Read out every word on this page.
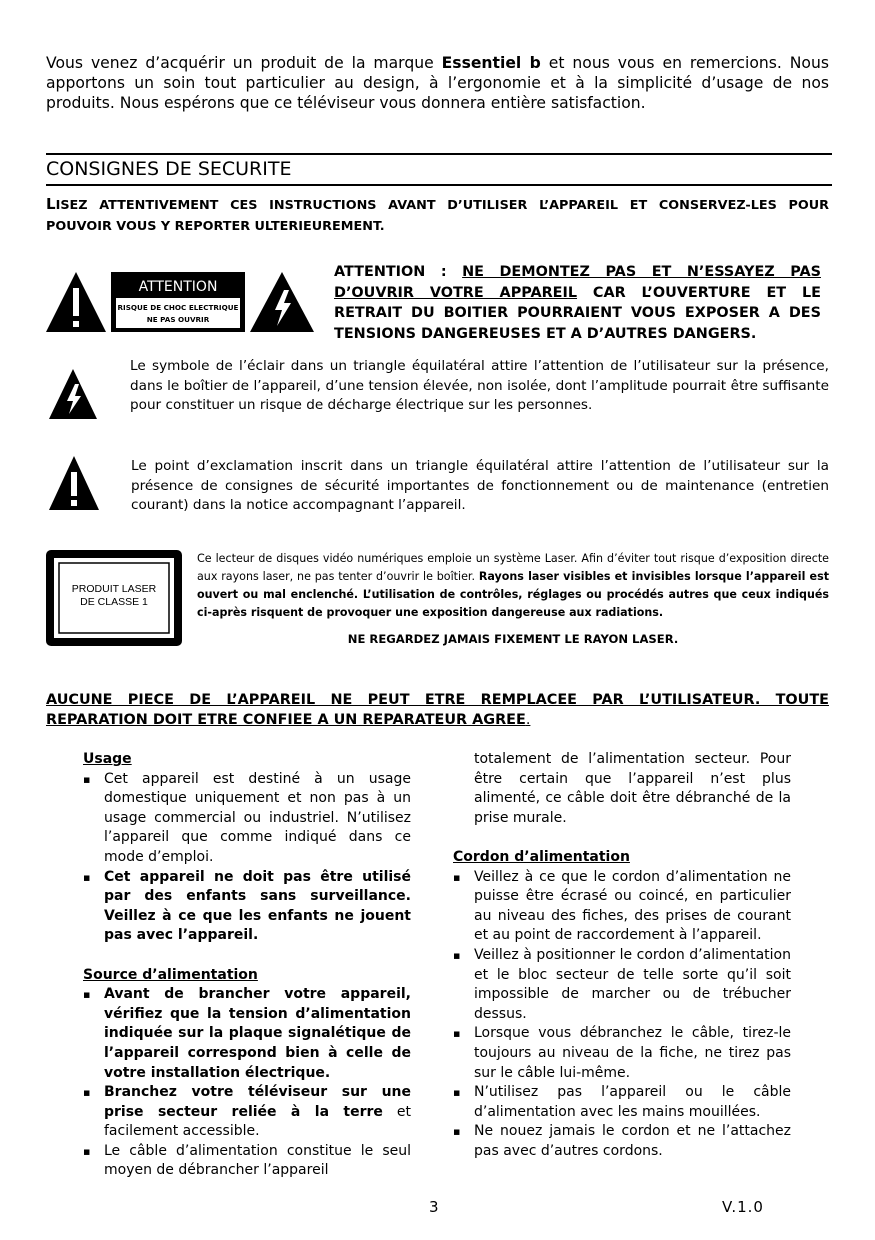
Vous venez d’acquérir un produit de la marque Essentiel b et nous vous en remercions. Nous apportons un soin tout particulier au design, à l’ergonomie et à la simplicité d’usage de nos produits. Nous espérons que ce téléviseur vous donnera entière satisfaction.
CONSIGNES DE SECURITE
LISEZ ATTENTIVEMENT CES INSTRUCTIONS AVANT D’UTILISER L’APPAREIL ET CONSERVEZ-LES POUR POUVOIR VOUS Y REPORTER ULTERIEUREMENT.
ATTENTION
RISQUE DE CHOC ELECTRIQUE
NE PAS OUVRIR
ATTENTION : NE DEMONTEZ PAS ET N’ESSAYEZ PAS D’OUVRIR VOTRE APPAREIL CAR L’OUVERTURE ET LE RETRAIT DU BOITIER POURRAIENT VOUS EXPOSER A DES TENSIONS DANGEREUSES ET A D’AUTRES DANGERS.
Le symbole de l’éclair dans un triangle équilatéral attire l’attention de l’utilisateur sur la présence, dans le boîtier de l’appareil, d’une tension élevée, non isolée, dont l’amplitude pourrait être suffisante pour constituer un risque de décharge électrique sur les personnes.
Le point d’exclamation inscrit dans un triangle équilatéral attire l’attention de l’utilisateur sur la présence de consignes de sécurité importantes de fonctionnement ou de maintenance (entretien courant) dans la notice accompagnant l’appareil.
PRODUIT LASER
DE CLASSE 1
Ce lecteur de disques vidéo numériques emploie un système Laser. Afin d’éviter tout risque d’exposition directe aux rayons laser, ne pas tenter d’ouvrir le boîtier. Rayons laser visibles et invisibles lorsque l’appareil est ouvert ou mal enclenché. L’utilisation de contrôles, réglages ou procédés autres que ceux indiqués ci-après risquent de provoquer une exposition dangereuse aux radiations.
NE REGARDEZ JAMAIS FIXEMENT LE RAYON LASER.
AUCUNE PIECE DE L’APPAREIL NE PEUT ETRE REMPLACEE PAR L’UTILISATEUR. TOUTE REPARATION DOIT ETRE CONFIEE A UN REPARATEUR AGREE.
Usage
▪ Cet appareil est destiné à un usage domestique uniquement et non pas à un usage commercial ou industriel. N’utilisez l’appareil que comme indiqué dans ce mode d’emploi.
▪ Cet appareil ne doit pas être utilisé par des enfants sans surveillance. Veillez à ce que les enfants ne jouent pas avec l’appareil.
Source d’alimentation
▪ Avant de brancher votre appareil, vérifiez que la tension d’alimentation indiquée sur la plaque signalétique de l’appareil correspond bien à celle de votre installation électrique.
▪ Branchez votre téléviseur sur une prise secteur reliée à la terre et facilement accessible.
▪ Le câble d’alimentation constitue le seul moyen de débrancher l’appareil

totalement de l’alimentation secteur. Pour être certain que l’appareil n’est plus alimenté, ce câble doit être débranché de la prise murale.

Cordon d’alimentation
▪ Veillez à ce que le cordon d’alimentation ne puisse être écrasé ou coincé, en particulier au niveau des fiches, des prises de courant et au point de raccordement à l’appareil.
▪ Veillez à positionner le cordon d’alimentation et le bloc secteur de telle sorte qu’il soit impossible de marcher ou de trébucher dessus.
▪ Lorsque vous débranchez le câble, tirez-le toujours au niveau de la fiche, ne tirez pas sur le câble lui-même.
▪ N’utilisez pas l’appareil ou le câble d’alimentation avec les mains mouillées.
▪ Ne nouez jamais le cordon et ne l’attachez pas avec d’autres cordons.
3	V.1.0
